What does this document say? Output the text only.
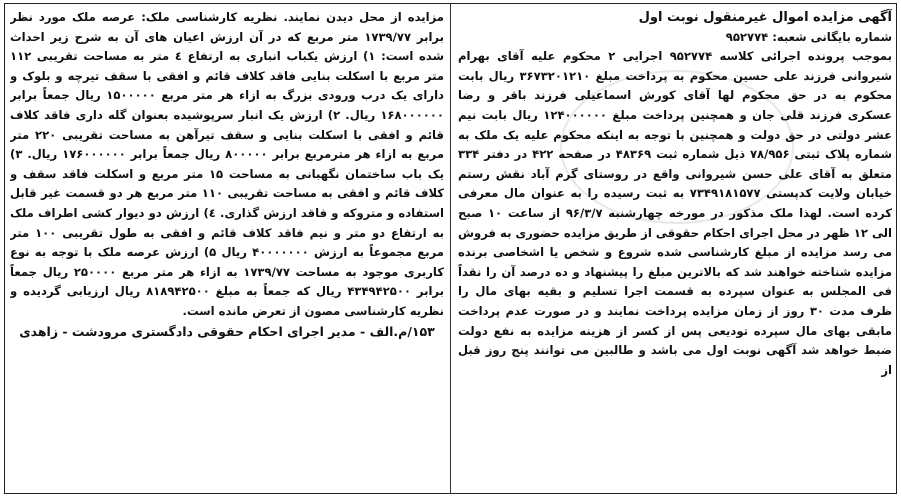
آگهی مزایده اموال غیرمنقول نوبت اول

شماره بایگانی شعبه: ۹۵۲۷۷۴

بموجب پرونده اجرائی کلاسه ۹۵۲۷۷۴ اجرایی ۲ محکوم علیه آقای بهرام شیروانی فرزند علی حسین محکوم به پرداخت مبلغ ۳۶۷۳۲۰۱۲۱۰ ریال بابت محکوم به در حق محکوم لها آقای کورش اسماعیلی فرزند باقر و رضا عسکری فرزند قلی جان و همچنین پرداخت مبلغ ۱۲۴۰۰۰۰۰۰ ریال بابت نیم عشر دولتی در حق دولت و همچنین با توجه به اینکه محکوم علیه یک ملک به شماره پلاک ثبتی ۷۸/۹۵۶ ذیل شماره ثبت ۴۸۳۶۹ در صفحه ۴۲۲ در دفتر ۳۳۴ متعلق به آقای علی حسن شیروانی واقع در روستای گرم آباد نقش رستم خیابان ولایت کدپستی ۷۳۴۹۱۸۱۵۷۷ به ثبت رسیده را به عنوان مال معرفی کرده است. لهذا ملک مذکور در مورخه چهارشنبه ۹۶/۳/۷ از ساعت ۱۰ صبح الی ۱۲ ظهر در محل اجرای احکام حقوقی از طریق مزایده حضوری به فروش می رسد مزایده از مبلغ کارشناسی شده شروع و شخص یا اشخاصی برنده مزایده شناخته خواهند شد که بالاترین مبلغ را پیشنهاد و ده درصد آن را نقداً فی المجلس به عنوان سپرده به قسمت اجرا تسلیم و بقیه بهای مال را ظرف مدت ۳۰ روز از زمان مزایده پرداخت نمایند و در صورت عدم پرداخت مابقی بهای مال سپرده تودیعی پس از کسر از هزینه مزایده به نفع دولت ضبط خواهد شد آگهی نوبت اول می باشد و طالبین می توانند پنج روز قبل از

مزایده از محل دیدن نمایند. نظریه کارشناسی ملک: عرصه ملک مورد نظر برابر ۱۷۳۹/۷۷ متر مربع که در آن ارزش اعیان های آن به شرح زیر احداث شده است: ۱) ارزش یکباب انباری به ارتفاع ٤ متر به مساحت تقریبی ۱۱۲ متر مربع با اسکلت بنایی فاقد کلاف قائم و افقی با سقف تیرچه و بلوک و دارای یک درب ورودی بزرگ به ازاء هر متر مربع ۱۵۰۰۰۰۰ ریال جمعاً برابر ۱۶۸۰۰۰۰۰۰ ریال. ۲) ارزش یک انبار سرپوشیده بعنوان گله داری فاقد کلاف قائم و افقی با اسکلت بنایی و سقف تیرآهن به مساحت تقریبی ۲۲۰ متر مربع به ازاء هر مترمربع برابر ۸۰۰۰۰۰ ریال جمعاً برابر ۱۷۶۰۰۰۰۰۰ ریال. ۳) یک باب ساختمان نگهبانی به مساحت ۱۵ متر مربع و اسکلت فاقد سقف و کلاف قائم و افقی به مساحت تقریبی ۱۱۰ متر مربع هر دو قسمت غیر قابل استفاده و متروکه و فاقد ارزش گذاری. ٤) ارزش دو دیوار کشی اطراف ملک به ارتفاع دو متر و نیم فاقد کلاف قائم و افقی به طول تقریبی ۱۰۰ متر مربع مجموعاً به ارزش ۴۰۰۰۰۰۰۰ ریال ۵) ارزش عرصه ملک با توجه به نوع کاربری موجود به مساحت ۱۷۳۹/۷۷ به ازاء هر متر مربع ۲۵۰۰۰۰ ریال جمعاً برابر ۴۳۴۹۴۲۵۰۰ ریال که جمعاً به مبلغ ۸۱۸۹۴۲۵۰۰ ریال ارزیابی گردیده و نظریه کارشناسی مصون از تعرض مانده است.

۱۵۳/م.الف - مدیر اجرای احکام حقوقی دادگستری مرودشت - زاهدی
